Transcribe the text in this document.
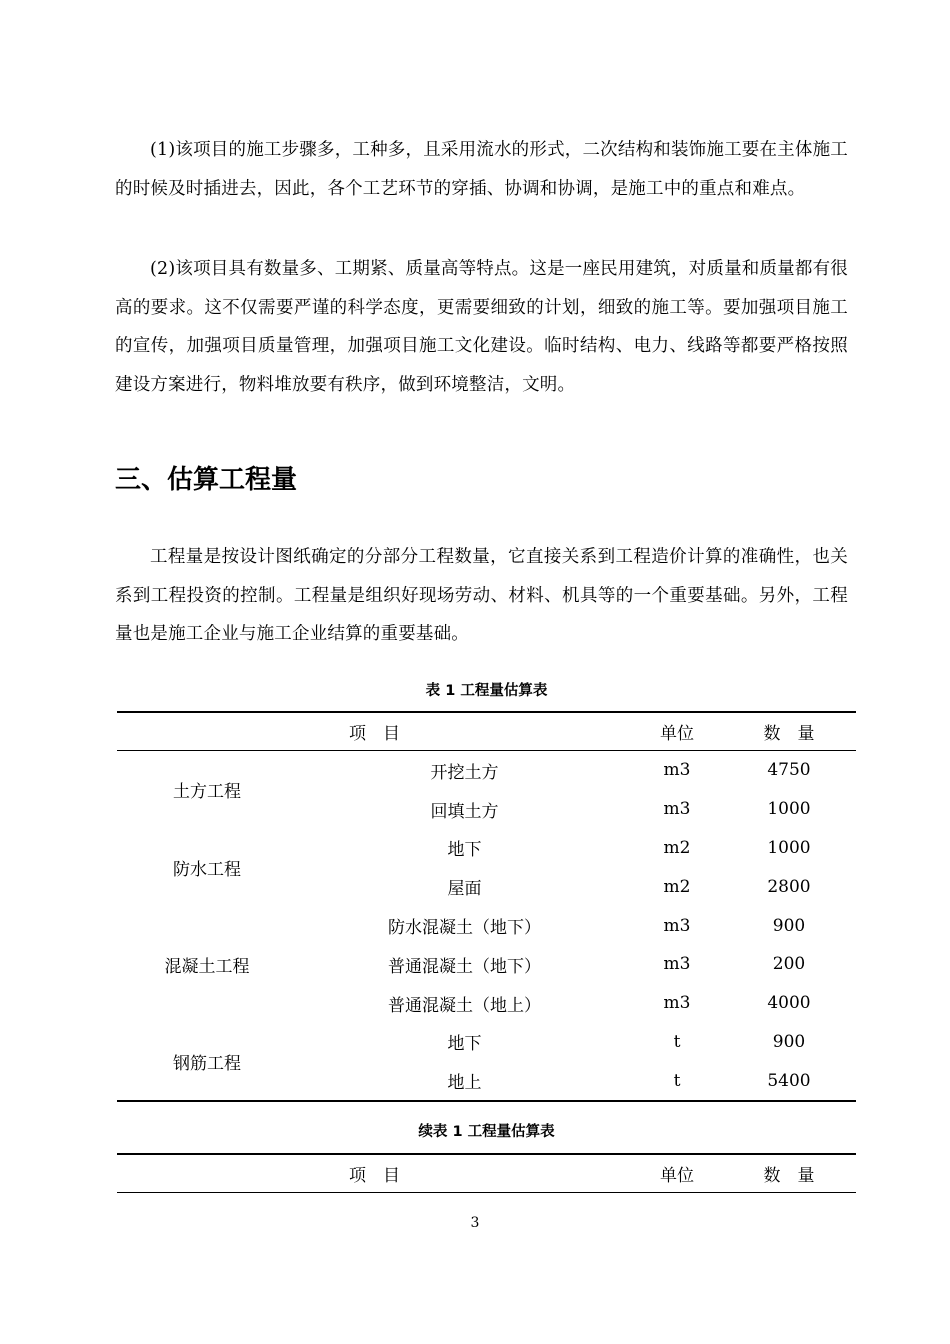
(1)该项目的施工步骤多，工种多，且采用流水的形式，二次结构和装饰施工要在主体施工的时候及时插进去，因此，各个工艺环节的穿插、协调和协调，是施工中的重点和难点。

(2)该项目具有数量多、工期紧、质量高等特点。这是一座民用建筑，对质量和质量都有很高的要求。这不仅需要严谨的科学态度，更需要细致的计划，细致的施工等。要加强项目施工的宣传，加强项目质量管理，加强项目施工文化建设。临时结构、电力、线路等都要严格按照建设方案进行，物料堆放要有秩序，做到环境整洁，文明。

三、估算工程量

工程量是按设计图纸确定的分部分工程数量，它直接关系到工程造价计算的准确性，也关系到工程投资的控制。工程量是组织好现场劳动、材料、机具等的一个重要基础。另外，工程量也是施工企业与施工企业结算的重要基础。

表 1 工程量估算表
项　目		单位	数　量
土方工程	开挖土方	m3	4750
	回填土方	m3	1000
防水工程	地下	m2	1000
	屋面	m2	2800
混凝土工程	防水混凝土（地下）	m3	900
	普通混凝土（地下）	m3	200
	普通混凝土（地上）	m3	4000
钢筋工程	地下	t	900
	地上	t	5400
续表 1 工程量估算表
项　目	单位	数　量
3
